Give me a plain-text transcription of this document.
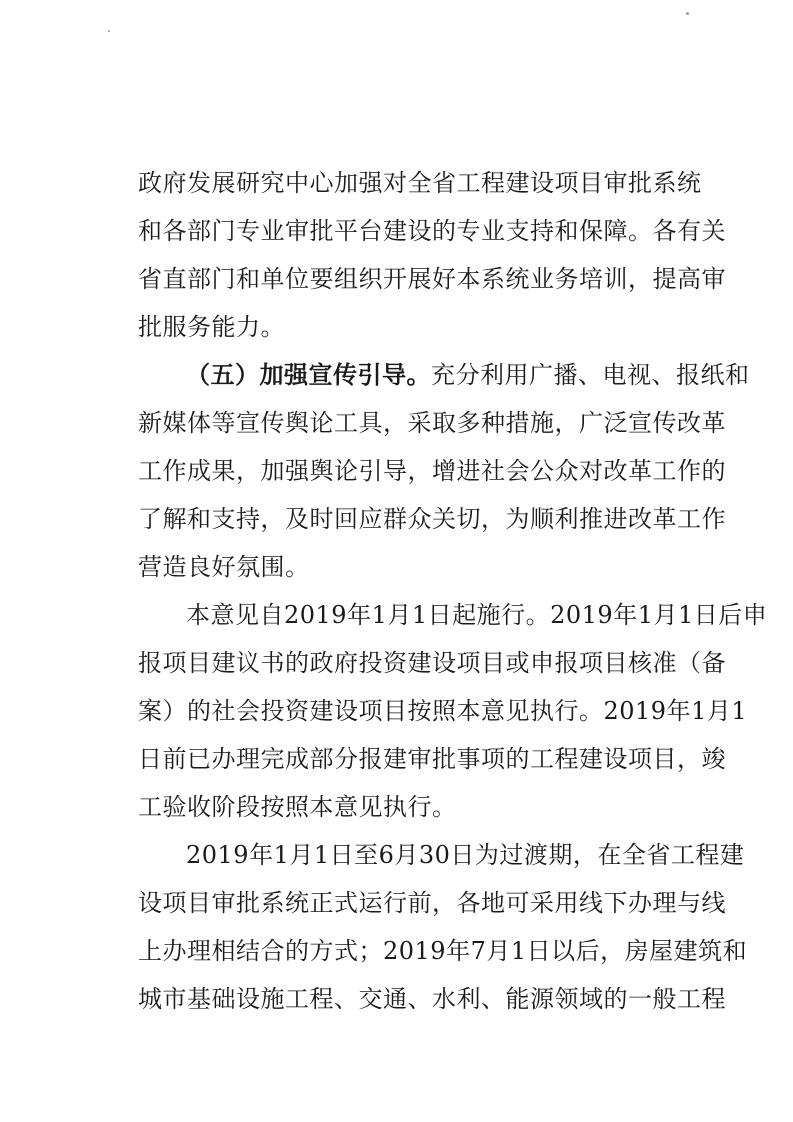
政府发展研究中心加强对全省工程建设项目审批系统
和各部门专业审批平台建设的专业支持和保障。各有关
省直部门和单位要组织开展好本系统业务培训，提高审
批服务能力。
（五）加强宣传引导。充分利用广播、电视、报纸和
新媒体等宣传舆论工具，采取多种措施，广泛宣传改革
工作成果，加强舆论引导，增进社会公众对改革工作的
了解和支持，及时回应群众关切，为顺利推进改革工作
营造良好氛围。
本意见自2019年1月1日起施行。2019年1月1日后申
报项目建议书的政府投资建设项目或申报项目核准（备
案）的社会投资建设项目按照本意见执行。2019年1月1
日前已办理完成部分报建审批事项的工程建设项目，竣
工验收阶段按照本意见执行。
2019年1月1日至6月30日为过渡期，在全省工程建
设项目审批系统正式运行前，各地可采用线下办理与线
上办理相结合的方式；2019年7月1日以后，房屋建筑和
城市基础设施工程、交通、水利、能源领域的一般工程
